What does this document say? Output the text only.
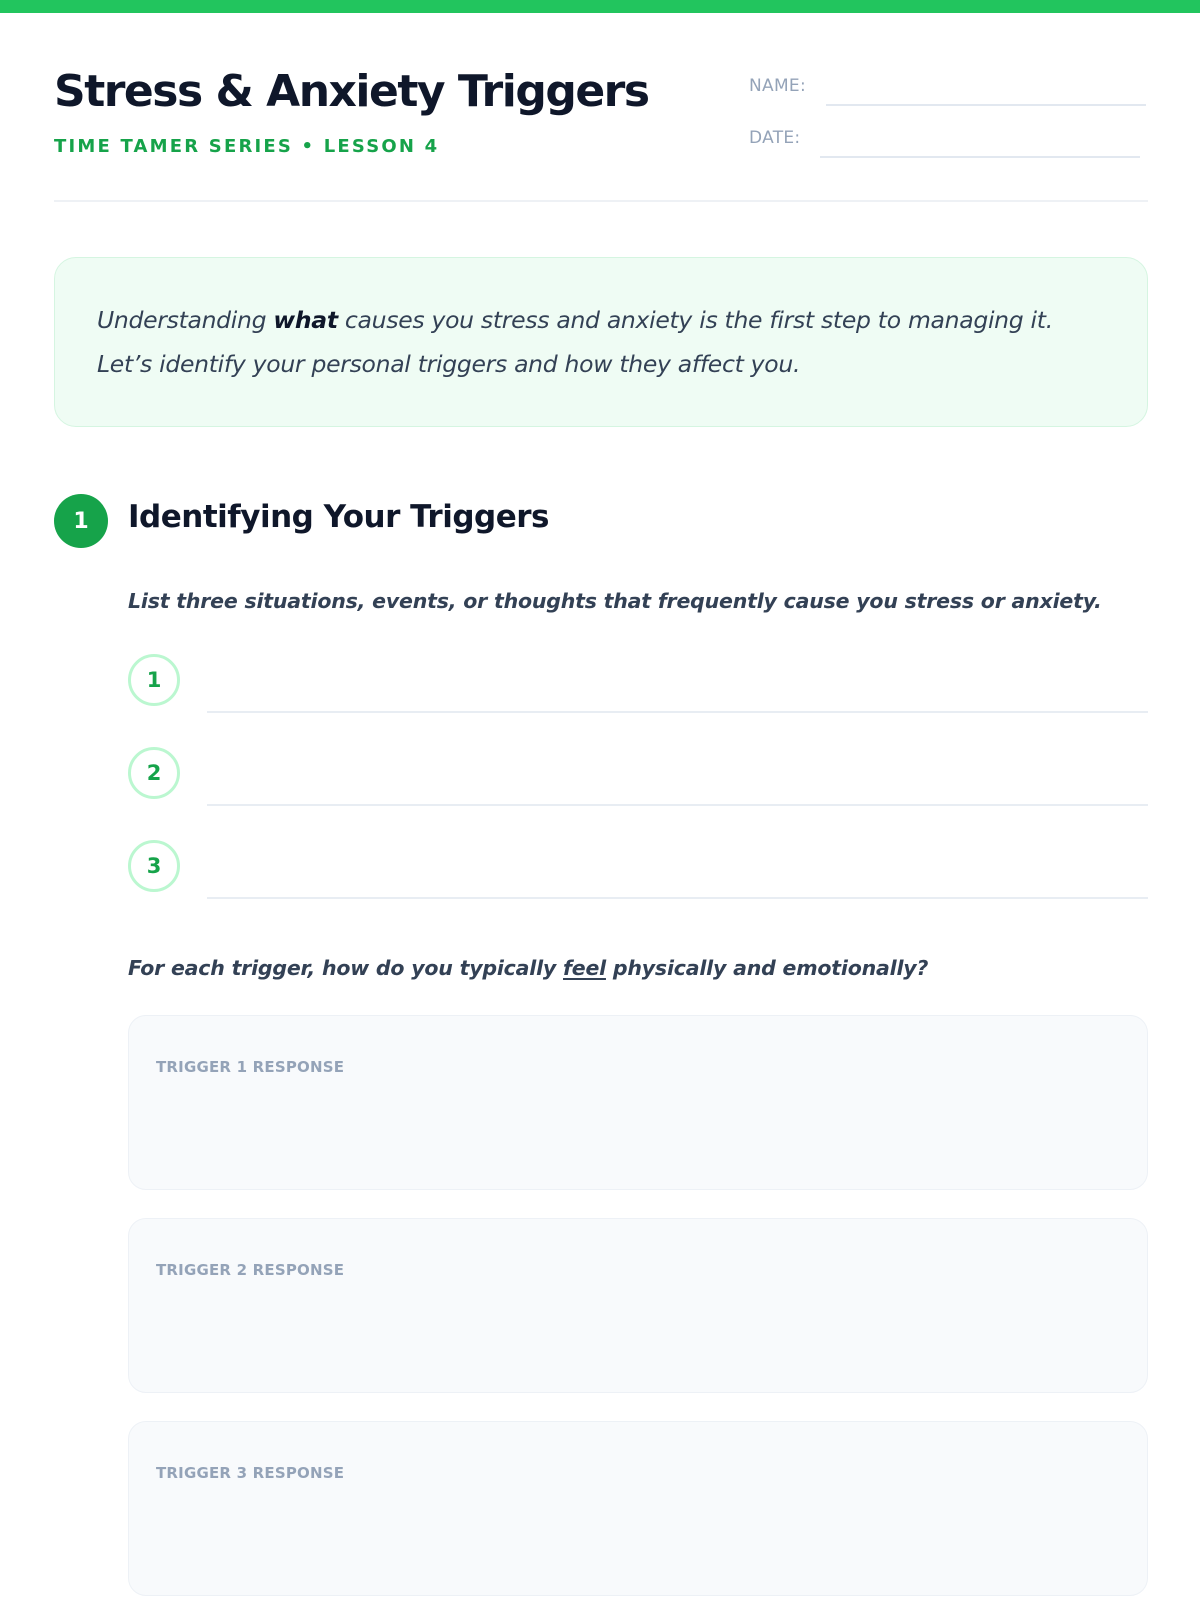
Stress & Anxiety Triggers
TIME TAMER SERIES • LESSON 4
NAME:
DATE:

Understanding what causes you stress and anxiety is the first step to managing it. Let’s identify your personal triggers and how they affect you.

1	Identifying Your Triggers
List three situations, events, or thoughts that frequently cause you stress or anxiety.
1
2
3
For each trigger, how do you typically feel physically and emotionally?
TRIGGER 1 RESPONSE
TRIGGER 2 RESPONSE
TRIGGER 3 RESPONSE
